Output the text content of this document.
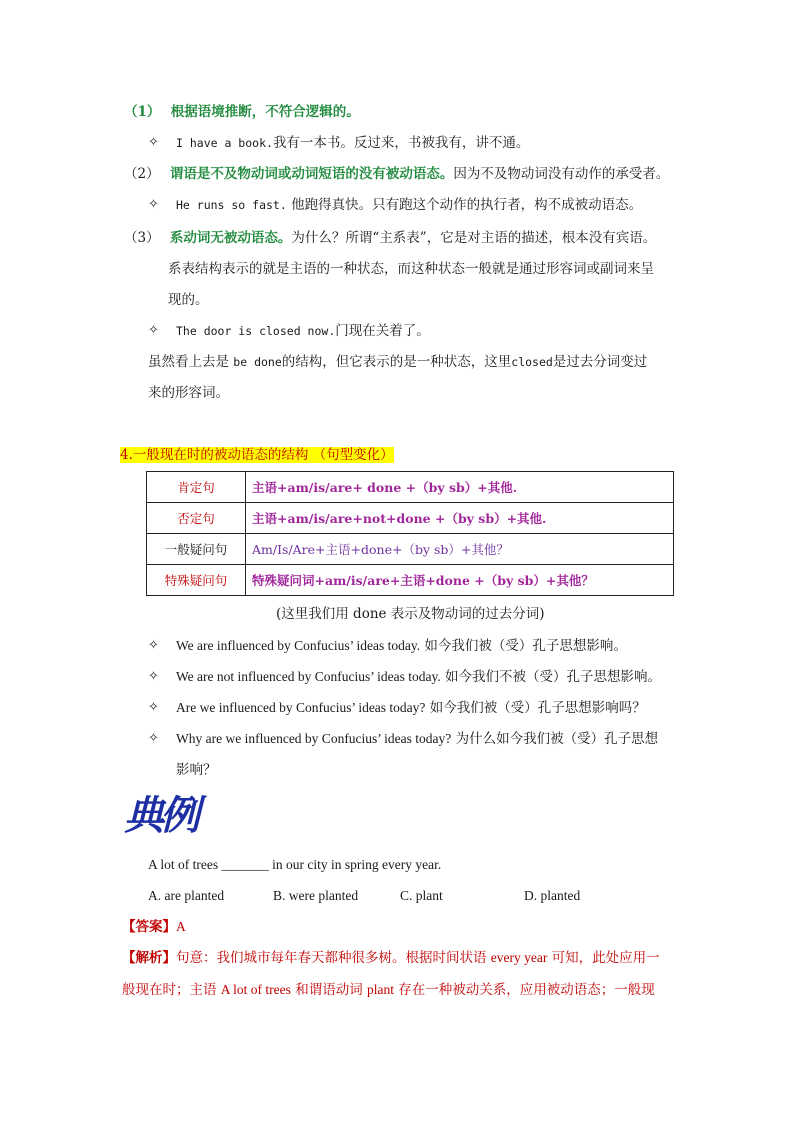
（1） 根据语境推断，不符合逻辑的。
✧ I have a book.我有一本书。反过来，书被我有，讲不通。
（2） 谓语是不及物动词或动词短语的没有被动语态。因为不及物动词没有动作的承受者。
✧ He runs so fast. 他跑得真快。只有跑这个动作的执行者，构不成被动语态。
（3） 系动词无被动语态。为什么？所谓“主系表”，它是对主语的描述，根本没有宾语。
系表结构表示的就是主语的一种状态，而这种状态一般就是通过形容词或副词来呈
现的。
✧ The door is closed now.门现在关着了。
虽然看上去是 be done的结构，但它表示的是一种状态，这里closed是过去分词变过
来的形容词。
4.一般现在时的被动语态的结构 （句型变化）
肯定句	主语+am/is/are+ done +（by sb）+其他.
否定句	主语+am/is/are+not+done +（by sb）+其他.
一般疑问句	Am/Is/Are+主语+done+（by sb）+其他？
特殊疑问句	特殊疑问词+am/is/are+主语+done +（by sb）+其他？
(这里我们用 done 表示及物动词的过去分词)
✧ We are influenced by Confucius’ ideas today. 如今我们被（受）孔子思想影响。
✧ We are not influenced by Confucius’ ideas today. 如今我们不被（受）孔子思想影响。
✧ Are we influenced by Confucius’ ideas today? 如今我们被（受）孔子思想影响吗？
✧ Why are we influenced by Confucius’ ideas today? 为什么如今我们被（受）孔子思想
影响？
典例
A lot of trees _______ in our city in spring every year.
A. are planted	B. were planted	C. plant	D. planted
【答案】A
【解析】句意：我们城市每年春天都种很多树。根据时间状语 every year 可知，此处应用一
般现在时；主语 A lot of trees 和谓语动词 plant 存在一种被动关系，应用被动语态；一般现
